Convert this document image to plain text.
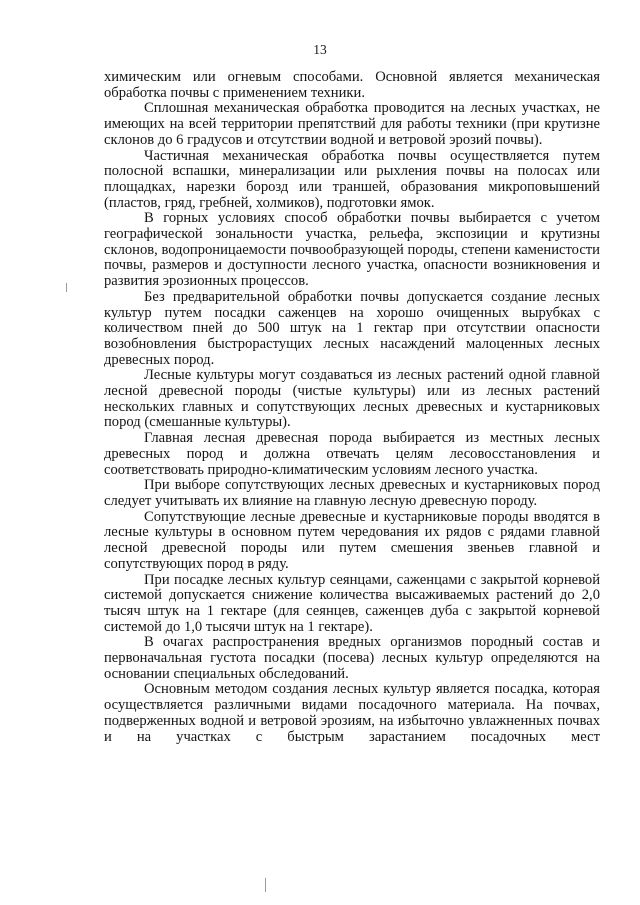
13

химическим или огневым способами. Основной является механическая обработка почвы с применением техники.

Сплошная механическая обработка проводится на лесных участках, не имеющих на всей территории препятствий для работы техники (при крутизне склонов до 6 градусов и отсутствии водной и ветровой эрозий почвы).

Частичная механическая обработка почвы осуществляется путем полосной вспашки, минерализации или рыхления почвы на полосах или площадках, нарезки борозд или траншей, образования микроповышений (пластов, гряд, гребней, холмиков), подготовки ямок.

В горных условиях способ обработки почвы выбирается с учетом географической зональности участка, рельефа, экспозиции и крутизны склонов, водопроницаемости почвообразующей породы, степени каменистости почвы, размеров и доступности лесного участка, опасности возникновения и развития эрозионных процессов.

Без предварительной обработки почвы допускается создание лесных культур путем посадки саженцев на хорошо очищенных вырубках с количеством пней до 500 штук на 1 гектар при отсутствии опасности возобновления быстрорастущих лесных насаждений малоценных лесных древесных пород.

Лесные культуры могут создаваться из лесных растений одной главной лесной древесной породы (чистые культуры) или из лесных растений нескольких главных и сопутствующих лесных древесных и кустарниковых пород (смешанные культуры).

Главная лесная древесная порода выбирается из местных лесных древесных пород и должна отвечать целям лесовосстановления и соответствовать природно-климатическим условиям лесного участка.

При выборе сопутствующих лесных древесных и кустарниковых пород следует учитывать их влияние на главную лесную древесную породу.

Сопутствующие лесные древесные и кустарниковые породы вводятся в лесные культуры в основном путем чередования их рядов с рядами главной лесной древесной породы или путем смешения звеньев главной и сопутствующих пород в ряду.

При посадке лесных культур сеянцами, саженцами с закрытой корневой системой допускается снижение количества высаживаемых растений до 2,0 тысяч штук на 1 гектаре (для сеянцев, саженцев дуба с закрытой корневой системой до 1,0 тысячи штук на 1 гектаре).

В очагах распространения вредных организмов породный состав и первоначальная густота посадки (посева) лесных культур определяются на основании специальных обследований.

Основным методом создания лесных культур является посадка, которая осуществляется различными видами посадочного материала. На почвах, подверженных водной и ветровой эрозиям, на избыточно увлажненных почвах и на участках с быстрым зарастанием посадочных мест
